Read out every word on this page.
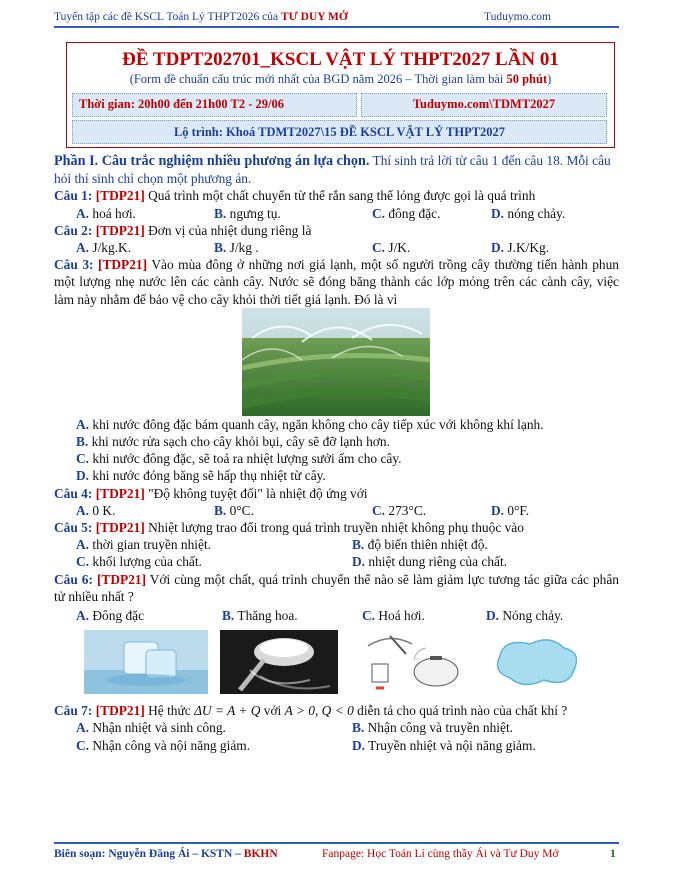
Tuyển tập các đề KSCL Toán Lý THPT2026 của TƯ DUY MỞ	Tuduymo.com
ĐỀ TDPT202701_KSCL VẬT LÝ THPT2027 LẦN 01
(Form đề chuẩn cấu trúc mới nhất của BGD năm 2026 – Thời gian làm bài 50 phút)
Thời gian: 20h00 đến 21h00 T2 - 29/06	Tuduymo.com\TDMT2027
Lộ trình: Khoá TDMT2027\15 ĐỀ KSCL VẬT LÝ THPT2027
Phần I. Câu trắc nghiệm nhiều phương án lựa chọn. Thí sinh trả lời từ câu 1 đến câu 18. Mỗi câu hỏi thí sinh chỉ chọn một phương án.
Câu 1: [TDP21] Quá trình một chất chuyển từ thể rắn sang thể lỏng được gọi là quá trình
A. hoá hơi.	B. ngưng tụ.	C. đông đặc.	D. nóng chảy.
Câu 2: [TDP21] Đơn vị của nhiệt dung riêng là
A. J/kg.K.	B. J/kg .	C. J/K.	D. J.K/Kg.
Câu 3: [TDP21] Vào mùa đông ở những nơi giá lạnh, một số người trồng cây thường tiến hành phun một lượng nhẹ nước lên các cành cây. Nước sẽ đóng băng thành các lớp mỏng trên các cành cây, việc làm này nhằm để bảo vệ cho cây khỏi thời tiết giá lạnh. Đó là vì
A. khi nước đông đặc bám quanh cây, ngăn không cho cây tiếp xúc với không khí lạnh.
B. khi nước rửa sạch cho cây khỏi bụi, cây sẽ đỡ lạnh hơn.
C. khi nước đông đặc, sẽ toả ra nhiệt lượng sưởi ấm cho cây.
D. khi nước đóng băng sẽ hấp thụ nhiệt từ cây.
Câu 4: [TDP21] "Độ không tuyệt đối" là nhiệt độ ứng với
A. 0 K.	B. 0°C.	C. 273°C.	D. 0°F.
Câu 5: [TDP21] Nhiệt lượng trao đổi trong quá trình truyền nhiệt không phụ thuộc vào
A. thời gian truyền nhiệt.	B. độ biến thiên nhiệt độ.
C. khối lượng của chất.	D. nhiệt dung riêng của chất.
Câu 6: [TDP21] Với cùng một chất, quá trình chuyển thể nào sẽ làm giảm lực tương tác giữa các phân tử nhiều nhất ?
A. Đông đặc	B. Thăng hoa.	C. Hoá hơi.	D. Nóng chảy.
Câu 7: [TDP21] Hệ thức ΔU = A + Q với A > 0, Q < 0 diễn tả cho quá trình nào của chất khí ?
A. Nhận nhiệt và sinh công.	B. Nhận công và truyền nhiệt.
C. Nhận công và nội năng giảm.	D. Truyền nhiệt và nội năng giảm.
Biên soạn: Nguyễn Đăng Ái – KSTN – BKHN	Fanpage: Học Toán Lí cùng thầy Ái và Tư Duy Mở	1
